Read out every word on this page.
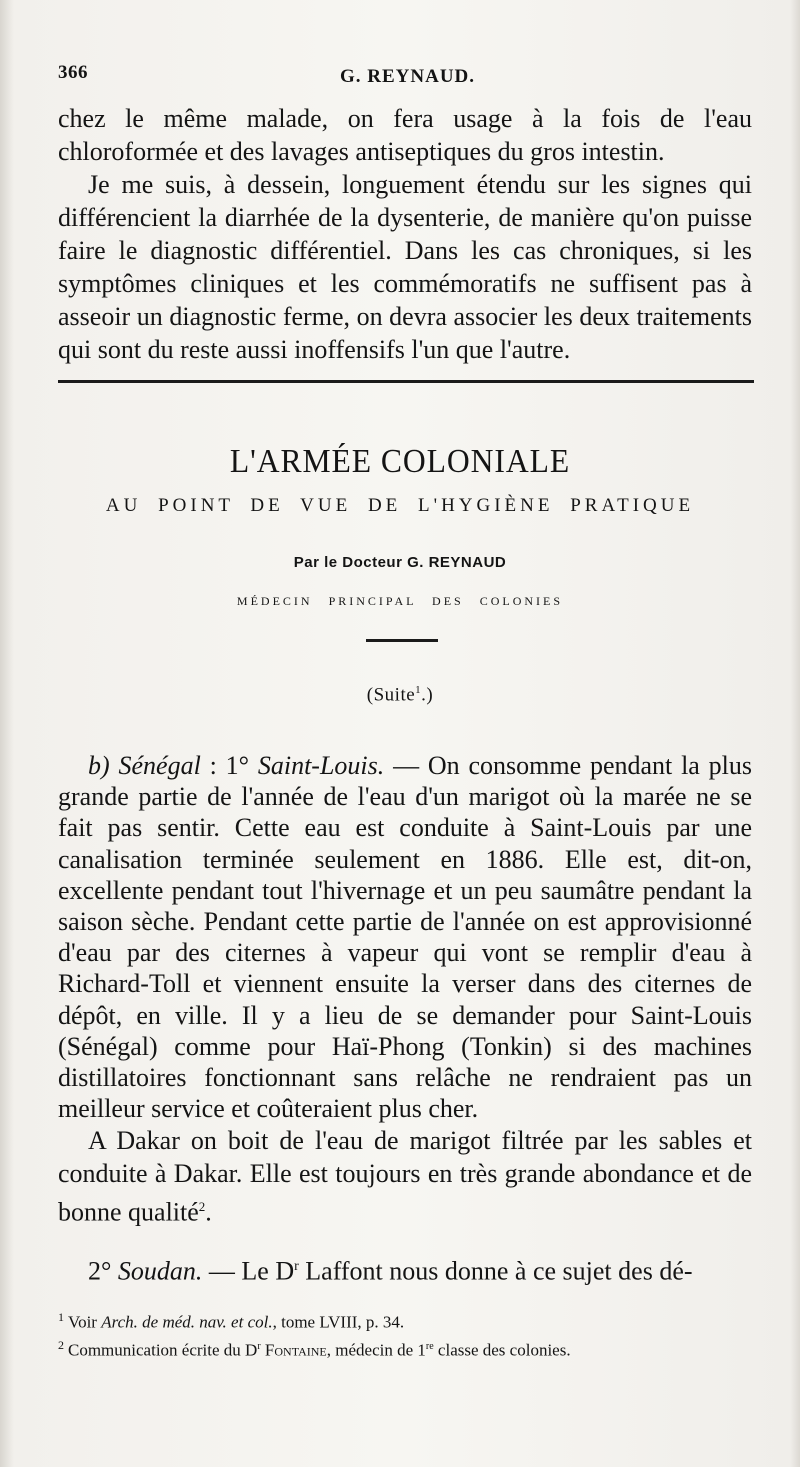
366	G. REYNAUD.

chez le même malade, on fera usage à la fois de l'eau chloroformée et des lavages antiseptiques du gros intestin.

Je me suis, à dessein, longuement étendu sur les signes qui différencient la diarrhée de la dysenterie, de manière qu'on puisse faire le diagnostic différentiel. Dans les cas chroniques, si les symptômes cliniques et les commémoratifs ne suffisent pas à asseoir un diagnostic ferme, on devra associer les deux traitements qui sont du reste aussi inoffensifs l'un que l'autre.

L'ARMÉE COLONIALE
AU POINT DE VUE DE L'HYGIÈNE PRATIQUE
Par le Docteur G. REYNAUD
MÉDECIN PRINCIPAL DES COLONIES
(Suite$^1$.)

b) Sénégal : 1° Saint-Louis. — On consomme pendant la plus grande partie de l'année de l'eau d'un marigot où la marée ne se fait pas sentir. Cette eau est conduite à Saint-Louis par une canalisation terminée seulement en 1886. Elle est, dit-on, excellente pendant tout l'hivernage et un peu saumâtre pendant la saison sèche. Pendant cette partie de l'année on est approvisionné d'eau par des citernes à vapeur qui vont se remplir d'eau à Richard-Toll et viennent ensuite la verser dans des citernes de dépôt, en ville. Il y a lieu de se demander pour Saint-Louis (Sénégal) comme pour Haï-Phong (Tonkin) si des machines distillatoires fonctionnant sans relâche ne rendraient pas un meilleur service et coûteraient plus cher.

A Dakar on boit de l'eau de marigot filtrée par les sables et conduite à Dakar. Elle est toujours en très grande abondance et de bonne qualité$^2$.

2° Soudan. — Le $D^r$ Laffont nous donne à ce sujet des dé-

$^1$ Voir Arch. de méd. nav. et col., tome LVIII, p. 34.

$^2$ Communication écrite du $D^r$ Fontaine, médecin de 1re classe des colonies.
